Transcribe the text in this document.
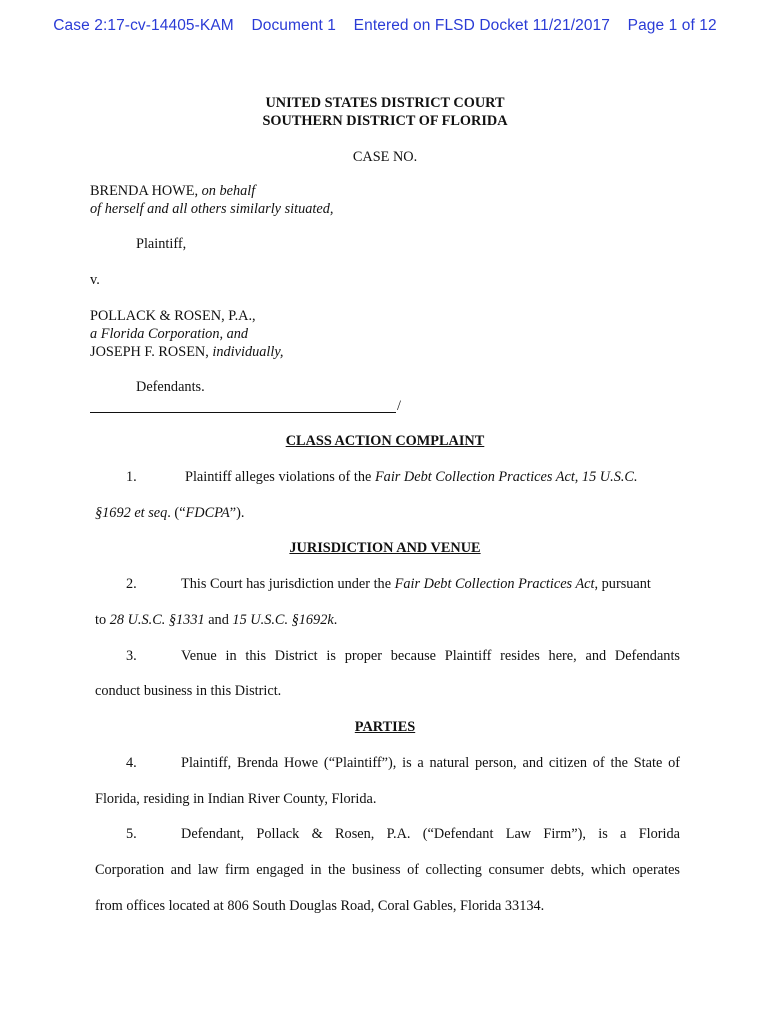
Case 2:17-cv-14405-KAM Document 1 Entered on FLSD Docket 11/21/2017 Page 1 of 12
UNITED STATES DISTRICT COURT
SOUTHERN DISTRICT OF FLORIDA
CASE NO.
BRENDA HOWE, on behalf
of herself and all others similarly situated,
Plaintiff,
v.
POLLACK & ROSEN, P.A.,
a Florida Corporation, and
JOSEPH F. ROSEN, individually,
Defendants.
/
CLASS ACTION COMPLAINT
1.	Plaintiff alleges violations of the Fair Debt Collection Practices Act, 15 U.S.C.
§1692 et seq. (“FDCPA”).
JURISDICTION AND VENUE
2.	This Court has jurisdiction under the Fair Debt Collection Practices Act, pursuant
to 28 U.S.C. §1331 and 15 U.S.C. §1692k.
3.	Venue in this District is proper because Plaintiff resides here, and Defendants
conduct business in this District.
PARTIES
4.	Plaintiff, Brenda Howe (“Plaintiff”), is a natural person, and citizen of the State of
Florida, residing in Indian River County, Florida.
5.	Defendant, Pollack & Rosen, P.A. (“Defendant Law Firm”), is a Florida
Corporation and law firm engaged in the business of collecting consumer debts, which operates
from offices located at 806 South Douglas Road, Coral Gables, Florida 33134.
